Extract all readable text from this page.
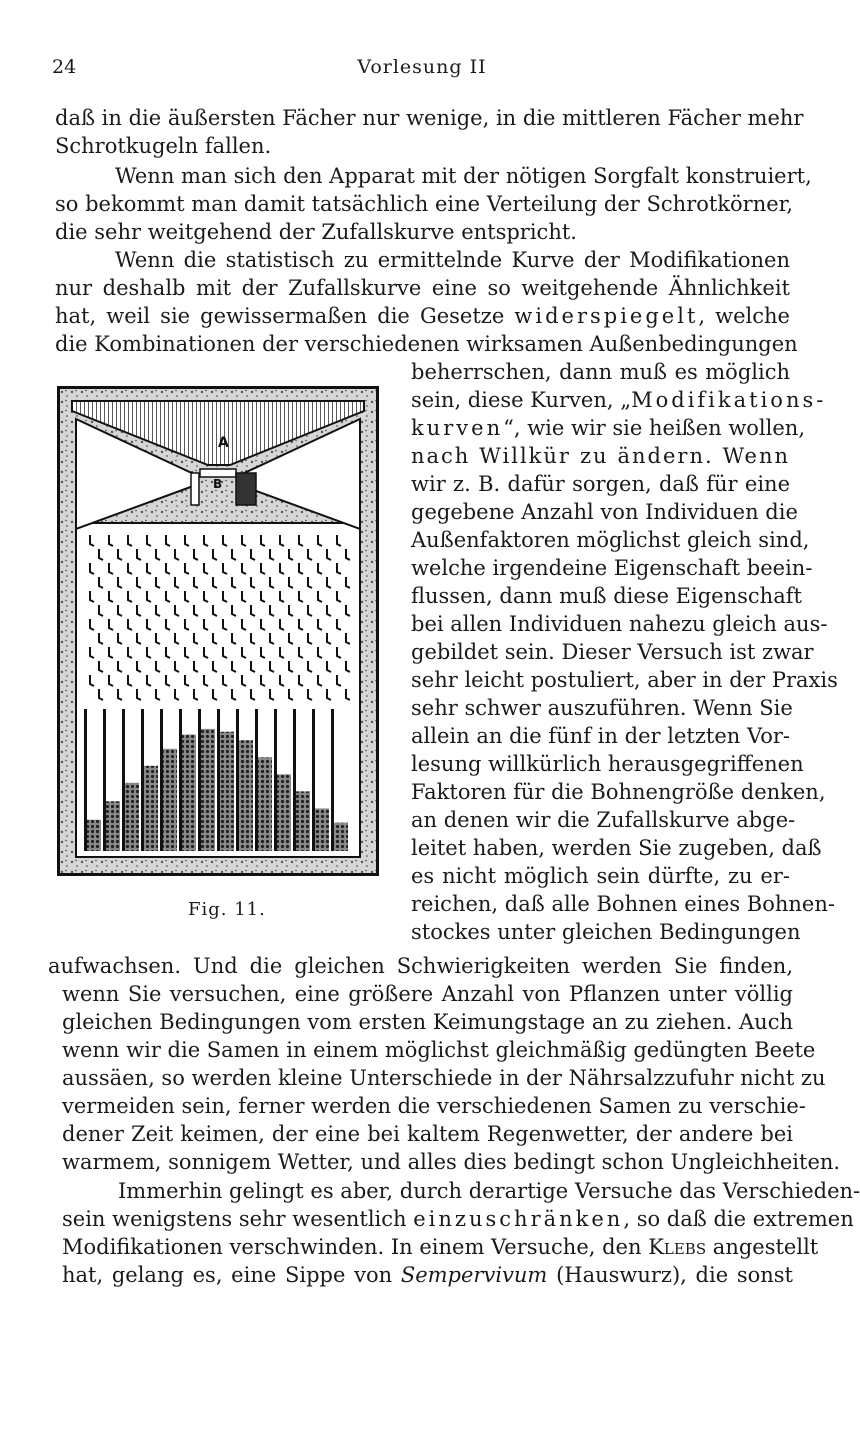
24	Vorlesung II
daß in die äußersten Fächer nur wenige, in die mittleren Fächer mehr
Schrotkugeln fallen.
Wenn man sich den Apparat mit der nötigen Sorgfalt konstruiert,
so bekommt man damit tatsächlich eine Verteilung der Schrotkörner,
die sehr weitgehend der Zufallskurve entspricht.
Wenn die statistisch zu ermittelnde Kurve der Modifikationen
nur deshalb mit der Zufallskurve eine so weitgehende Ähnlichkeit
hat, weil sie gewissermaßen die Gesetze widerspiegelt, welche
die Kombinationen der verschiedenen wirksamen Außenbedingungen
beherrschen, dann muß es möglich
sein, diese Kurven, „Modifikations-
kurven“, wie wir sie heißen wollen,
nach Willkür zu ändern. Wenn
wir z. B. dafür sorgen, daß für eine
gegebene Anzahl von Individuen die
Außenfaktoren möglichst gleich sind,
welche irgendeine Eigenschaft beein-
flussen, dann muß diese Eigenschaft
bei allen Individuen nahezu gleich aus-
gebildet sein. Dieser Versuch ist zwar
sehr leicht postuliert, aber in der Praxis
sehr schwer auszuführen. Wenn Sie
allein an die fünf in der letzten Vor-
lesung willkürlich herausgegriffenen
Faktoren für die Bohnengröße denken,
an denen wir die Zufallskurve abge-
leitet haben, werden Sie zugeben, daß
es nicht möglich sein dürfte, zu er-
reichen, daß alle Bohnen eines Bohnen-
stockes unter gleichen Bedingungen
A
B
Fig. 11.
aufwachsen. Und die gleichen Schwierigkeiten werden Sie finden,
wenn Sie versuchen, eine größere Anzahl von Pflanzen unter völlig
gleichen Bedingungen vom ersten Keimungstage an zu ziehen. Auch
wenn wir die Samen in einem möglichst gleichmäßig gedüngten Beete
aussäen, so werden kleine Unterschiede in der Nährsalzzufuhr nicht zu
vermeiden sein, ferner werden die verschiedenen Samen zu verschie-
dener Zeit keimen, der eine bei kaltem Regenwetter, der andere bei
warmem, sonnigem Wetter, und alles dies bedingt schon Ungleichheiten.
Immerhin gelingt es aber, durch derartige Versuche das Verschieden-
sein wenigstens sehr wesentlich einzuschränken, so daß die extremen
Modifikationen verschwinden. In einem Versuche, den Klebs angestellt
hat, gelang es, eine Sippe von Sempervivum (Hauswurz), die sonst
